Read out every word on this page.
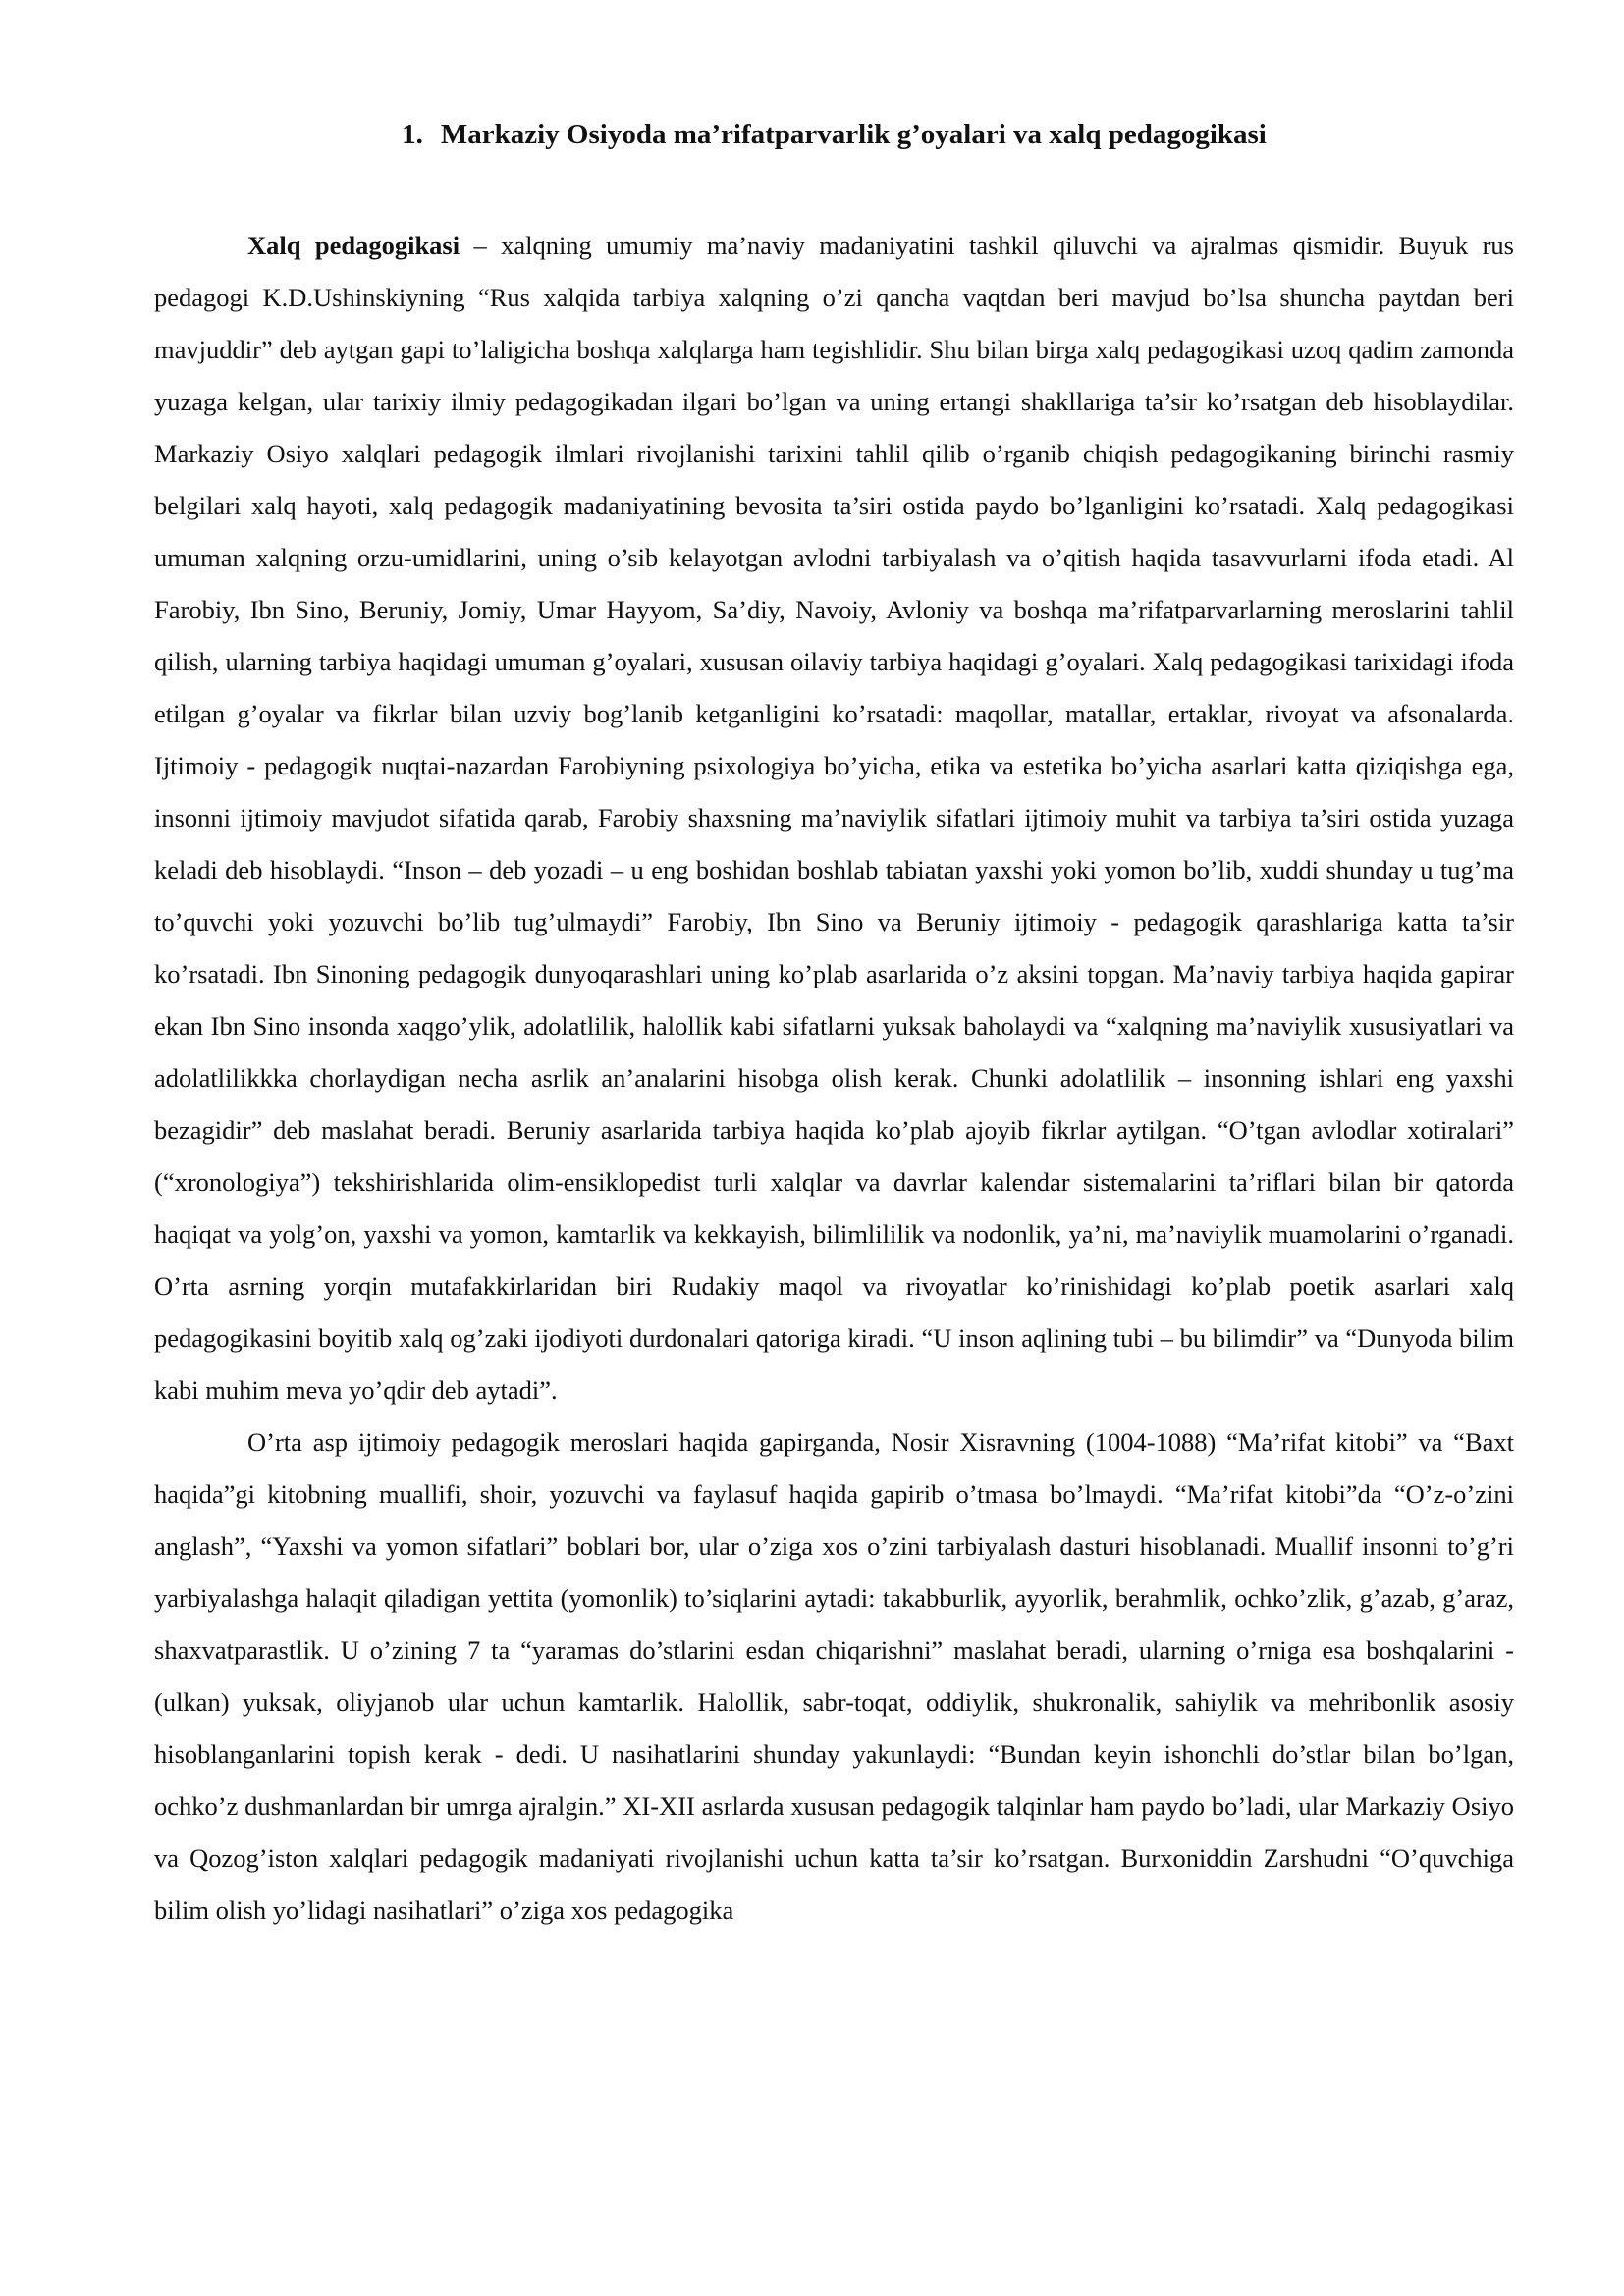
1. Markaziy Osiyoda ma’rifatparvarlik g’oyalari va xalq pedagogikasi

Xalq pedagogikasi – xalqning umumiy ma’naviy madaniyatini tashkil qiluvchi va ajralmas qismidir. Buyuk rus pedagogi K.D.Ushinskiyning “Rus xalqida tarbiya xalqning o’zi qancha vaqtdan beri mavjud bo’lsa shuncha paytdan beri mavjuddir” deb aytgan gapi to’laligicha boshqa xalqlarga ham tegishlidir. Shu bilan birga xalq pedagogikasi uzoq qadim zamonda yuzaga kelgan, ular tarixiy ilmiy pedagogikadan ilgari bo’lgan va uning ertangi shakllariga ta’sir ko’rsatgan deb hisoblaydilar. Markaziy Osiyo xalqlari pedagogik ilmlari rivojlanishi tarixini tahlil qilib o’rganib chiqish pedagogikaning birinchi rasmiy belgilari xalq hayoti, xalq pedagogik madaniyatining bevosita ta’siri ostida paydo bo’lganligini ko’rsatadi. Xalq pedagogikasi umuman xalqning orzu-umidlarini, uning o’sib kelayotgan avlodni tarbiyalash va o’qitish haqida tasavvurlarni ifoda etadi. Al Farobiy, Ibn Sino, Beruniy, Jomiy, Umar Hayyom, Sa’diy, Navoiy, Avloniy va boshqa ma’rifatparvarlarning meroslarini tahlil qilish, ularning tarbiya haqidagi umuman g’oyalari, xususan oilaviy tarbiya haqidagi g’oyalari. Xalq pedagogikasi tarixidagi ifoda etilgan g’oyalar va fikrlar bilan uzviy bog’lanib ketganligini ko’rsatadi: maqollar, matallar, ertaklar, rivoyat va afsonalarda. Ijtimoiy - pedagogik nuqtai-nazardan Farobiyning psixologiya bo’yicha, etika va estetika bo’yicha asarlari katta qiziqishga ega, insonni ijtimoiy mavjudot sifatida qarab, Farobiy shaxsning ma’naviylik sifatlari ijtimoiy muhit va tarbiya ta’siri ostida yuzaga keladi deb hisoblaydi. “Inson – deb yozadi – u eng boshidan boshlab tabiatan yaxshi yoki yomon bo’lib, xuddi shunday u tug’ma to’quvchi yoki yozuvchi bo’lib tug’ulmaydi” Farobiy, Ibn Sino va Beruniy ijtimoiy - pedagogik qarashlariga katta ta’sir ko’rsatadi. Ibn Sinoning pedagogik dunyoqarashlari uning ko’plab asarlarida o’z aksini topgan. Ma’naviy tarbiya haqida gapirar ekan Ibn Sino insonda xaqgo’ylik, adolatlilik, halollik kabi sifatlarni yuksak baholaydi va “xalqning ma’naviylik xususiyatlari va adolatlilikkka chorlaydigan necha asrlik an’analarini hisobga olish kerak. Chunki adolatlilik – insonning ishlari eng yaxshi bezagidir” deb maslahat beradi. Beruniy asarlarida tarbiya haqida ko’plab ajoyib fikrlar aytilgan. “O’tgan avlodlar xotiralari” (“xronologiya”) tekshirishlarida olim-ensiklopedist turli xalqlar va davrlar kalendar sistemalarini ta’riflari bilan bir qatorda haqiqat va yolg’on, yaxshi va yomon, kamtarlik va kekkayish, bilimlililik va nodonlik, ya’ni, ma’naviylik muamolarini o’rganadi. O’rta asrning yorqin mutafakkirlaridan biri Rudakiy maqol va rivoyatlar ko’rinishidagi ko’plab poetik asarlari xalq pedagogikasini boyitib xalq og’zaki ijodiyoti durdonalari qatoriga kiradi. “U inson aqlining tubi – bu bilimdir” va “Dunyoda bilim kabi muhim meva yo’qdir deb aytadi”.

O’rta asp ijtimoiy pedagogik meroslari haqida gapirganda, Nosir Xisravning (1004-1088) “Ma’rifat kitobi” va “Baxt haqida”gi kitobning muallifi, shoir, yozuvchi va faylasuf haqida gapirib o’tmasa bo’lmaydi. “Ma’rifat kitobi”da “O’z-o’zini anglash”, “Yaxshi va yomon sifatlari” boblari bor, ular o’ziga xos o’zini tarbiyalash dasturi hisoblanadi. Muallif insonni to’g’ri yarbiyalashga halaqit qiladigan yettita (yomonlik) to’siqlarini aytadi: takabburlik, ayyorlik, berahmlik, ochko’zlik, g’azab, g’araz, shaxvatparastlik. U o’zining 7 ta “yaramas do’stlarini esdan chiqarishni” maslahat beradi, ularning o’rniga esa boshqalarini - (ulkan) yuksak, oliyjanob ular uchun kamtarlik. Halollik, sabr-toqat, oddiylik, shukronalik, sahiylik va mehribonlik asosiy hisoblanganlarini topish kerak - dedi. U nasihatlarini shunday yakunlaydi: “Bundan keyin ishonchli do’stlar bilan bo’lgan, ochko’z dushmanlardan bir umrga ajralgin.” XI-XII asrlarda xususan pedagogik talqinlar ham paydo bo’ladi, ular Markaziy Osiyo va Qozog’iston xalqlari pedagogik madaniyati rivojlanishi uchun katta ta’sir ko’rsatgan. Burxoniddin Zarshudni “O’quvchiga bilim olish yo’lidagi nasihatlari” o’ziga xos pedagogika
